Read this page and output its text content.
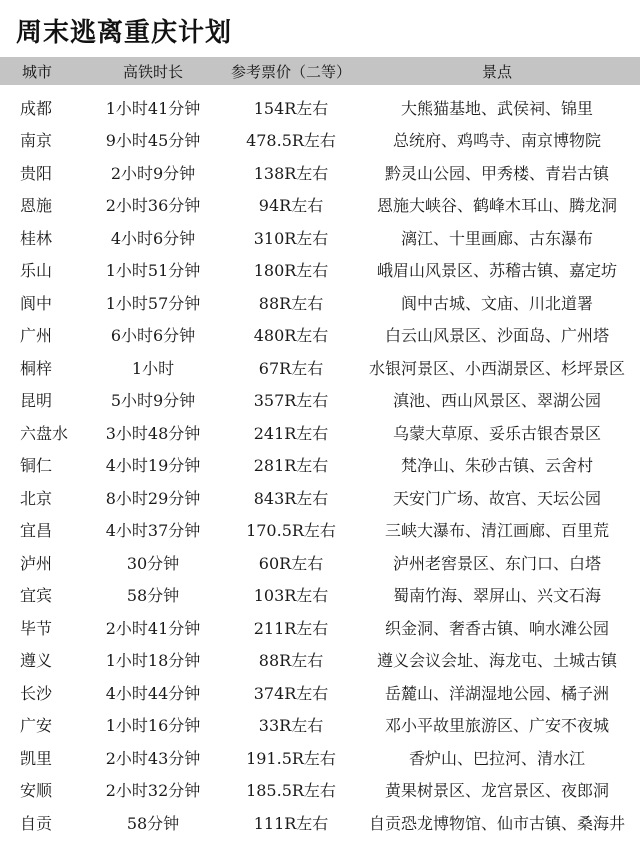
周末逃离重庆计划
城市	高铁时长	参考票价（二等）	景点
成都	1小时41分钟	154R左右	大熊猫基地、武侯祠、锦里
南京	9小时45分钟	478.5R左右	总统府、鸡鸣寺、南京博物院
贵阳	2小时9分钟	138R左右	黔灵山公园、甲秀楼、青岩古镇
恩施	2小时36分钟	94R左右	恩施大峡谷、鹤峰木耳山、腾龙洞
桂林	4小时6分钟	310R左右	漓江、十里画廊、古东瀑布
乐山	1小时51分钟	180R左右	峨眉山风景区、苏稽古镇、嘉定坊
阆中	1小时57分钟	88R左右	阆中古城、文庙、川北道署
广州	6小时6分钟	480R左右	白云山风景区、沙面岛、广州塔
桐梓	1小时	67R左右	水银河景区、小西湖景区、杉坪景区
昆明	5小时9分钟	357R左右	滇池、西山风景区、翠湖公园
六盘水	3小时48分钟	241R左右	乌蒙大草原、妥乐古银杏景区
铜仁	4小时19分钟	281R左右	梵净山、朱砂古镇、云舍村
北京	8小时29分钟	843R左右	天安门广场、故宫、天坛公园
宜昌	4小时37分钟	170.5R左右	三峡大瀑布、清江画廊、百里荒
泸州	30分钟	60R左右	泸州老窖景区、东门口、白塔
宜宾	58分钟	103R左右	蜀南竹海、翠屏山、兴文石海
毕节	2小时41分钟	211R左右	织金洞、奢香古镇、响水滩公园
遵义	1小时18分钟	88R左右	遵义会议会址、海龙屯、土城古镇
长沙	4小时44分钟	374R左右	岳麓山、洋湖湿地公园、橘子洲
广安	1小时16分钟	33R左右	邓小平故里旅游区、广安不夜城
凯里	2小时43分钟	191.5R左右	香炉山、巴拉河、清水江
安顺	2小时32分钟	185.5R左右	黄果树景区、龙宫景区、夜郎洞
自贡	58分钟	111R左右	自贡恐龙博物馆、仙市古镇、桑海井
